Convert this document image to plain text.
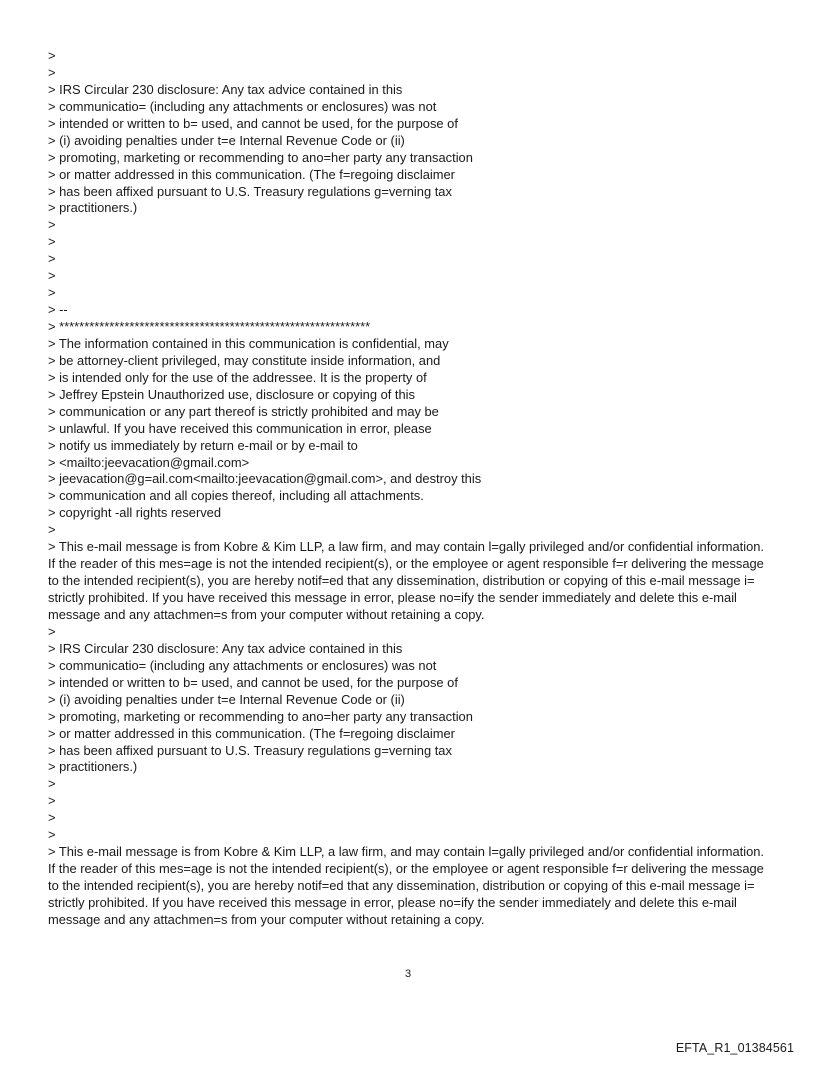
>
>
> IRS Circular 230 disclosure: Any tax advice contained in this
> communicatio= (including any attachments or enclosures) was not
> intended or written to b= used, and cannot be used, for the purpose of
> (i) avoiding penalties under t=e Internal Revenue Code or (ii)
> promoting, marketing or recommending to ano=her party any transaction
> or matter addressed in this communication. (The f=regoing disclaimer
> has been affixed pursuant to U.S. Treasury regulations g=verning tax
> practitioners.)
>
>
>
>
>
> --
> **************************************************************
> The information contained in this communication is confidential, may
> be attorney-client privileged, may constitute inside information, and
> is intended only for the use of the addressee. It is the property of
> Jeffrey Epstein Unauthorized use, disclosure or copying of this
> communication or any part thereof is strictly prohibited and may be
> unlawful. If you have received this communication in error, please
> notify us immediately by return e-mail or by e-mail to
> <mailto:jeevacation@gmail.com>
> jeevacation@g=ail.com<mailto:jeevacation@gmail.com>, and destroy this
> communication and all copies thereof, including all attachments.
> copyright -all rights reserved
>
> This e-mail message is from Kobre & Kim LLP, a law firm, and may contain l=gally privileged and/or confidential information. If the reader of this mes=age is not the intended recipient(s), or the employee or agent responsible f=r delivering the message to the intended recipient(s), you are hereby notif=ed that any dissemination, distribution or copying of this e-mail message i= strictly prohibited. If you have received this message in error, please no=ify the sender immediately and delete this e-mail message and any attachmen=s from your computer without retaining a copy.
>
> IRS Circular 230 disclosure: Any tax advice contained in this
> communicatio= (including any attachments or enclosures) was not
> intended or written to b= used, and cannot be used, for the purpose of
> (i) avoiding penalties under t=e Internal Revenue Code or (ii)
> promoting, marketing or recommending to ano=her party any transaction
> or matter addressed in this communication. (The f=regoing disclaimer
> has been affixed pursuant to U.S. Treasury regulations g=verning tax
> practitioners.)
>
>
>
>
> This e-mail message is from Kobre & Kim LLP, a law firm, and may contain l=gally privileged and/or confidential information. If the reader of this mes=age is not the intended recipient(s), or the employee or agent responsible f=r delivering the message to the intended recipient(s), you are hereby notif=ed that any dissemination, distribution or copying of this e-mail message i= strictly prohibited. If you have received this message in error, please no=ify the sender immediately and delete this e-mail message and any attachmen=s from your computer without retaining a copy.
3
EFTA_R1_01384561
